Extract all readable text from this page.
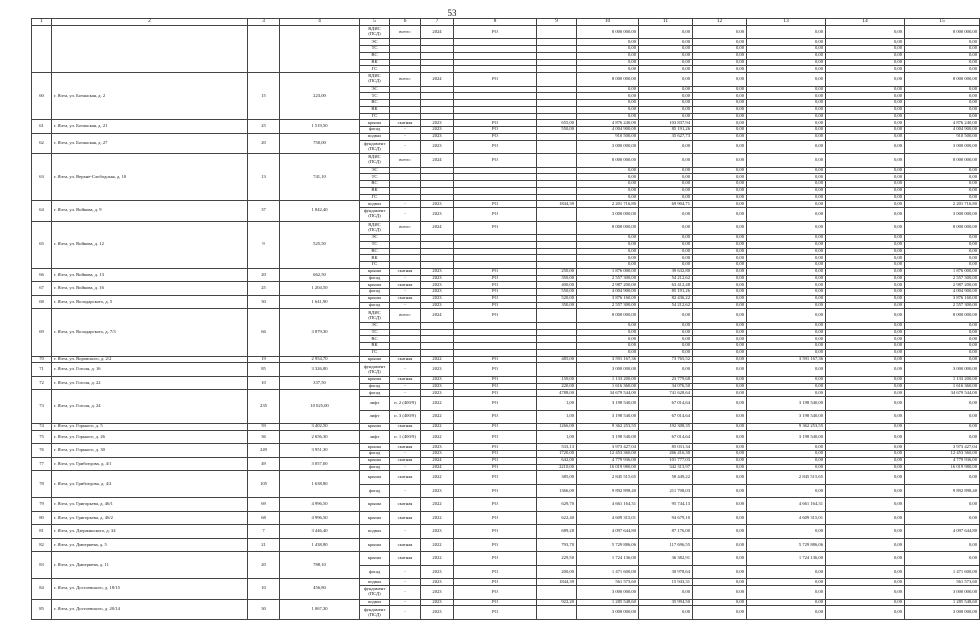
53
1	2	3	4	5	6	7	8	9	10	11	12	13	14	15
				ВДИС (ПСД)	всего:	2024	РО		8 000 000,00	0,00	0,00	0,00	0,00	8 000 000,00
				ЭС					0,00	0,00	0,00	0,00	0,00	0,00
				ТС					0,00	0,00	0,00	0,00	0,00	0,00
				ВС					0,00	0,00	0,00	0,00	0,00	0,00
				ВК					0,00	0,00	0,00	0,00	0,00	0,00
				ГС					0,00	0,00	0,00	0,00	0,00	0,00
60	г. Ялта, ул. Ботанская, д. 2	15	223,00	ВДИС (ПСД)	всего:	2024	РО		8 000 000,00	0,00	0,00	0,00	0,00	8 000 000,00
				ЭС					0,00	0,00	0,00	0,00	0,00	0,00
				ТС					0,00	0,00	0,00	0,00	0,00	0,00
				ВС					0,00	0,00	0,00	0,00	0,00	0,00
				ВК					0,00	0,00	0,00	0,00	0,00	0,00
				ГС					0,00	0,00	0,00	0,00	0,00	0,00
61	г. Ялта, ул. Ботанская, д. 21	25	1 519,50	крыша	скатная	2023	РО	655,00	4 876 240,00	103 837,94	0,00	0,00	0,00	4 876 240,00
				фасад	-	2023	РО	550,00	4 004 900,00	85 191,26	0,00	0,00	0,00	4 004 900,00
62	г. Ялта, ул. Ботанская, д. 27	20	750,00	подвал	-	2023	РО		910 500,00	35 627,73	0,00	0,00	0,00	910 500,00
				фундамент (ПСД)	-	2023	РО		3 000 000,00	0,00	0,00	0,00	0,00	3 000 000,00
63	г. Ялта, ул. Верхне-Слободская, д. 10	13	741,10	ВДИС (ПСД)	всего:	2024	РО		8 000 000,00	0,00	0,00	0,00	0,00	8 000 000,00
				ЭС					0,00	0,00	0,00	0,00	0,00	0,00
				ТС					0,00	0,00	0,00	0,00	0,00	0,00
				ВС					0,00	0,00	0,00	0,00	0,00	0,00
				ВК					0,00	0,00	0,00	0,00	0,00	0,00
				ГС					0,00	0,00	0,00	0,00	0,00	0,00
64	г. Ялта, ул. Войкова, д. 9	37	1 842,40	подвал	-	2023	РО	1844,39	2 201 716,80	69 904,71	0,00	0,00	0,00	2 201 716,80
				фундамент (ПСД)	-	2023	РО		3 000 000,00	0,00	0,00	0,00	0,00	3 000 000,00
65	г. Ялта, ул. Войкова, д. 12	9	525,50	ВДИС (ПСД)	всего:	2024	РО		8 000 000,00	0,00	0,00	0,00	0,00	8 000 000,00
				ЭС					0,00	0,00	0,00	0,00	0,00	0,00
				ТС					0,00	0,00	0,00	0,00	0,00	0,00
				ВС					0,00	0,00	0,00	0,00	0,00	0,00
				ВК					0,00	0,00	0,00	0,00	0,00	0,00
				ГС					0,00	0,00	0,00	0,00	0,00	0,00
66	г. Ялта, ул. Войкова, д. 13	20	662,50	крыша	скатная	2023	РО	250,00	1 876 000,00	39 632,80	0,00	0,00	0,00	1 876 000,00
				фасад	-	2023	РО	350,00	2 557 300,00	54 212,62	0,00	0,00	0,00	2 557 300,00
67	г. Ялта, ул. Войкова, д. 16	25	1 204,50	крыша	скатная	2023	РО	400,00	2 987 200,00	63 412,48	0,00	0,00	0,00	2 987 200,00
				фасад	-	2023	РО	550,00	4 004 900,00	85 191,26	0,00	0,00	0,00	4 004 900,00
68	г. Ялта, ул. Володарского, д. 5	30	1 641,90	крыша	скатная	2023	РО	520,00	3 876 160,00	82 436,22	0,00	0,00	0,00	3 876 160,00
				фасад	-	2023	РО	350,00	2 557 300,00	54 212,62	0,00	0,00	0,00	2 557 300,00
69	г. Ялта, ул. Володарского, д. 7/3	66	3 879,30	ВДИС (ПСД)	всего:	2024	РО		8 000 000,00	0,00	0,00	0,00	0,00	8 000 000,00
				ЭС					0,00	0,00	0,00	0,00	0,00	0,00
				ТС					0,00	0,00	0,00	0,00	0,00	0,00
				ВС					0,00	0,00	0,00	0,00	0,00	0,00
				ВК					0,00	0,00	0,00	0,00	0,00	0,00
				ГС					0,00	0,00	0,00	0,00	0,00	0,00
70	г. Ялта, ул. Воровского, д. 2/2	19	2 954,70	крыша	скатная	2022	РО	485,00	3 591 167,36	73 765,52	0,00	3 591 167,36	0,00	0,00
71	г. Ялта, ул. Гоголя, д. 16	85	3 326,80	фундамент (ПСД)	-	2023	РО		3 000 000,00	0,00	0,00	0,00	0,00	3 000 000,00
72	г. Ялта, ул. Гоголя, д. 22	10	337,50	крыша	скатная	2023	РО	150,00	1 133 200,00	23 779,68	0,00	0,00	0,00	1 133 200,00
				фасад	-	2023	РО	220,00	1 616 360,00	34 076,50	0,00	0,00	0,00	1 616 360,00
73	г. Ялта, ул. Гоголя, д. 24	235	10 025,00	фасад	-	2023	РО	4788,00	34 679 544,00	741 628,64	0,00	0,00	0,00	34 679 544,00
				лифт	п. 2 (400/9)	2022	РО	1,00	3 198 540,00	67 014,64	0,00	3 198 540,00	0,00	0,00
				лифт	п. 3 (400/9)	2022	РО	1,00	3 198 540,00	67 014,64	0,00	3 198 540,00	0,00	0,00
74	г. Ялта, ул. Горького, д. 5	59	3 402,50	крыша	скатная	2022	РО	1266,00	9 362 253,55	192 308,35	0,00	9 362 253,55	0,00	0,00
75	г. Ялта, ул. Горького, д. 26	36	2 656,30	лифт	п. 1 (400/9)	2022	РО	1,00	3 198 540,00	67 014,64	0,00	3 198 540,00	0,00	0,00
76	г. Ялта, ул. Горького, д. 30	249	3 951,30	крыша	скатная	2023	РО	533,13	3 973 427,04	85 031,34	0,00	0,00	0,00	3 973 427,04
				фасад	-	2023	РО	1720,00	12 453 360,00	266 416,30	0,00	0,00	0,00	12 453 360,00
77	г. Ялта, ул. Грибоедова, д. 4/1	49	3 057,00	крыша	скатная	2024	РО	642,00	4 779 936,00	101 777,03	0,00	0,00	0,00	4 779 936,00
				фасад	-	2024	РО	2210,00	16 019 980,00	342 313,97	0,00	0,00	0,00	16 019 980,00
78	г. Ялта, ул. Грибоедова, д. 4/2	105	1 638,80	крыша	скатная	2022	РО	385,00	2 845 515,65	58 449,22	0,00	2 845 515,65	0,00	0,00
				фасад	-	2023	РО	1366,00	9 892 898,40	211 708,03	0,00	0,00	0,00	9 892 898,40
79	г. Ялта, ул. Григорьева, д. 46/1	69	4 996,50	крыша	скатная	2022	РО	629,70	4 661 164,31	95 744,13	0,00	4 661 164,31	0,00	0,00
80	г. Ялта, ул. Григорьева, д. 46/2	68	4 996,50	крыша	скатная	2022	РО	622,40	4 609 315,01	94 679,10	0,00	4 609 315,01	0,00	0,00
81	г. Ялта, ул. Дзержинского, д. 34	7	3 446,40	подвал	-	2023	РО	689,28	4 097 644,80	87 176,00	0,00	0,00	0,00	4 097 644,80
82	г. Ялта, ул. Дмитриева, д. 5	21	1 438,80	крыша	скатная	2022	РО	793,70	5 729 886,06	117 696,55	0,00	5 729 886,06	0,00	0,00
83	г. Ялта, ул. Дмитриева, д. 11	20	788,10	крыша	скатная	2022	РО	229,50	1 724 136,00	36 382,91	0,00	1 724 136,00	0,00	0,00
				фасад	-	2023	РО	200,00	1 471 600,00	30 978,64	0,00	0,00	0,00	1 471 600,00
84	г. Ялта, ул. Достоевского, д. 18/15	10	456,80	подвал	-	2023	РО	1844,39	561 573,60	15 943,31	0,00	0,00	0,00	561 573,60
				фундамент (ПСД)	-	2023	РО		3 000 000,00	0,00	0,00	0,00	0,00	3 000 000,00
85	г. Ялта, ул. Достоевского, д. 20/14	30	1 067,30	подвал	-	2023	РО	922,20	1 285 548,60	35 994,50	0,00	0,00	0,00	1 285 548,60
				фундамент (ПСД)	-	2023	РО		3 000 000,00	0,00	0,00	0,00	0,00	3 000 000,00
